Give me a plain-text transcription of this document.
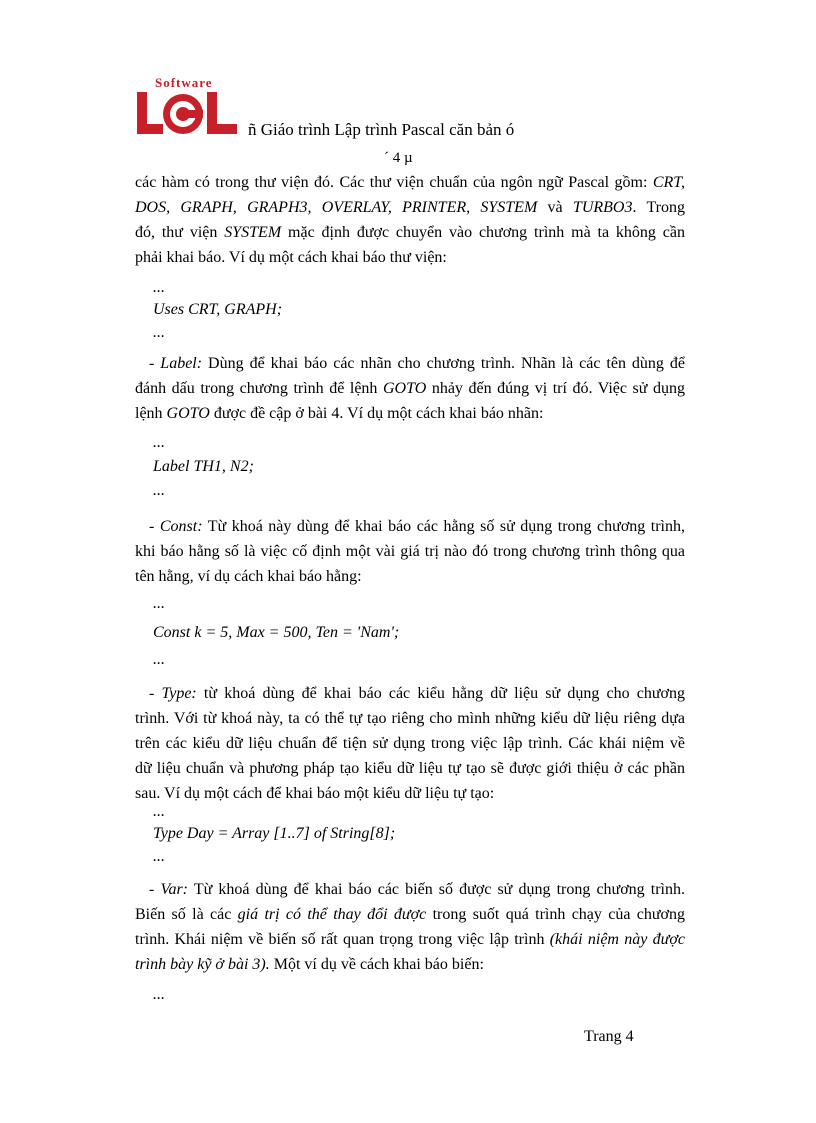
Software
ñ Giáo trình Lập trình Pascal căn bản ó
´ 4 µ
các hàm có trong thư viện đó. Các thư viện chuẩn của ngôn ngữ Pascal gồm: CRT,
DOS, GRAPH, GRAPH3, OVERLAY, PRINTER, SYSTEM và TURBO3. Trong
đó, thư viện SYSTEM mặc định được chuyển vào chương trình mà ta không cần
phải khai báo. Ví dụ một cách khai báo thư viện:
...
Uses CRT, GRAPH;
...
- Label: Dùng để khai báo các nhãn cho chương trình. Nhãn là các tên dùng để
đánh dấu trong chương trình để lệnh GOTO nhảy đến đúng vị trí đó. Việc sử dụng
lệnh GOTO được đề cập ở bài 4. Ví dụ một cách khai báo nhãn:
...
Label TH1, N2;
...
- Const: Từ khoá này dùng để khai báo các hằng số sử dụng trong chương trình,
khi báo hằng số là việc cố định một vài giá trị nào đó trong chương trình thông qua
tên hằng, ví dụ cách khai báo hằng:
...
Const k = 5, Max = 500, Ten = 'Nam';
...
- Type: từ khoá dùng để khai báo các kiểu hằng dữ liệu sử dụng cho chương
trình. Với từ khoá này, ta có thể tự tạo riêng cho mình những kiểu dữ liệu riêng dựa
trên các kiểu dữ liệu chuẩn để tiện sử dụng trong việc lập trình. Các khái niệm về
dữ liệu chuẩn và phương pháp tạo kiểu dữ liệu tự tạo sẽ được giới thiệu ở các phần
sau. Ví dụ một cách để khai báo một kiểu dữ liệu tự tạo:
...
Type Day = Array [1..7] of String[8];
...
- Var: Từ khoá dùng để khai báo các biến số được sử dụng trong chương trình.
Biến số là các giá trị có thể thay đổi được trong suốt quá trình chạy của chương
trình. Khái niệm về biến số rất quan trọng trong việc lập trình (khái niệm này được
trình bày kỹ ở bài 3). Một ví dụ về cách khai báo biến:
...
Trang 4
